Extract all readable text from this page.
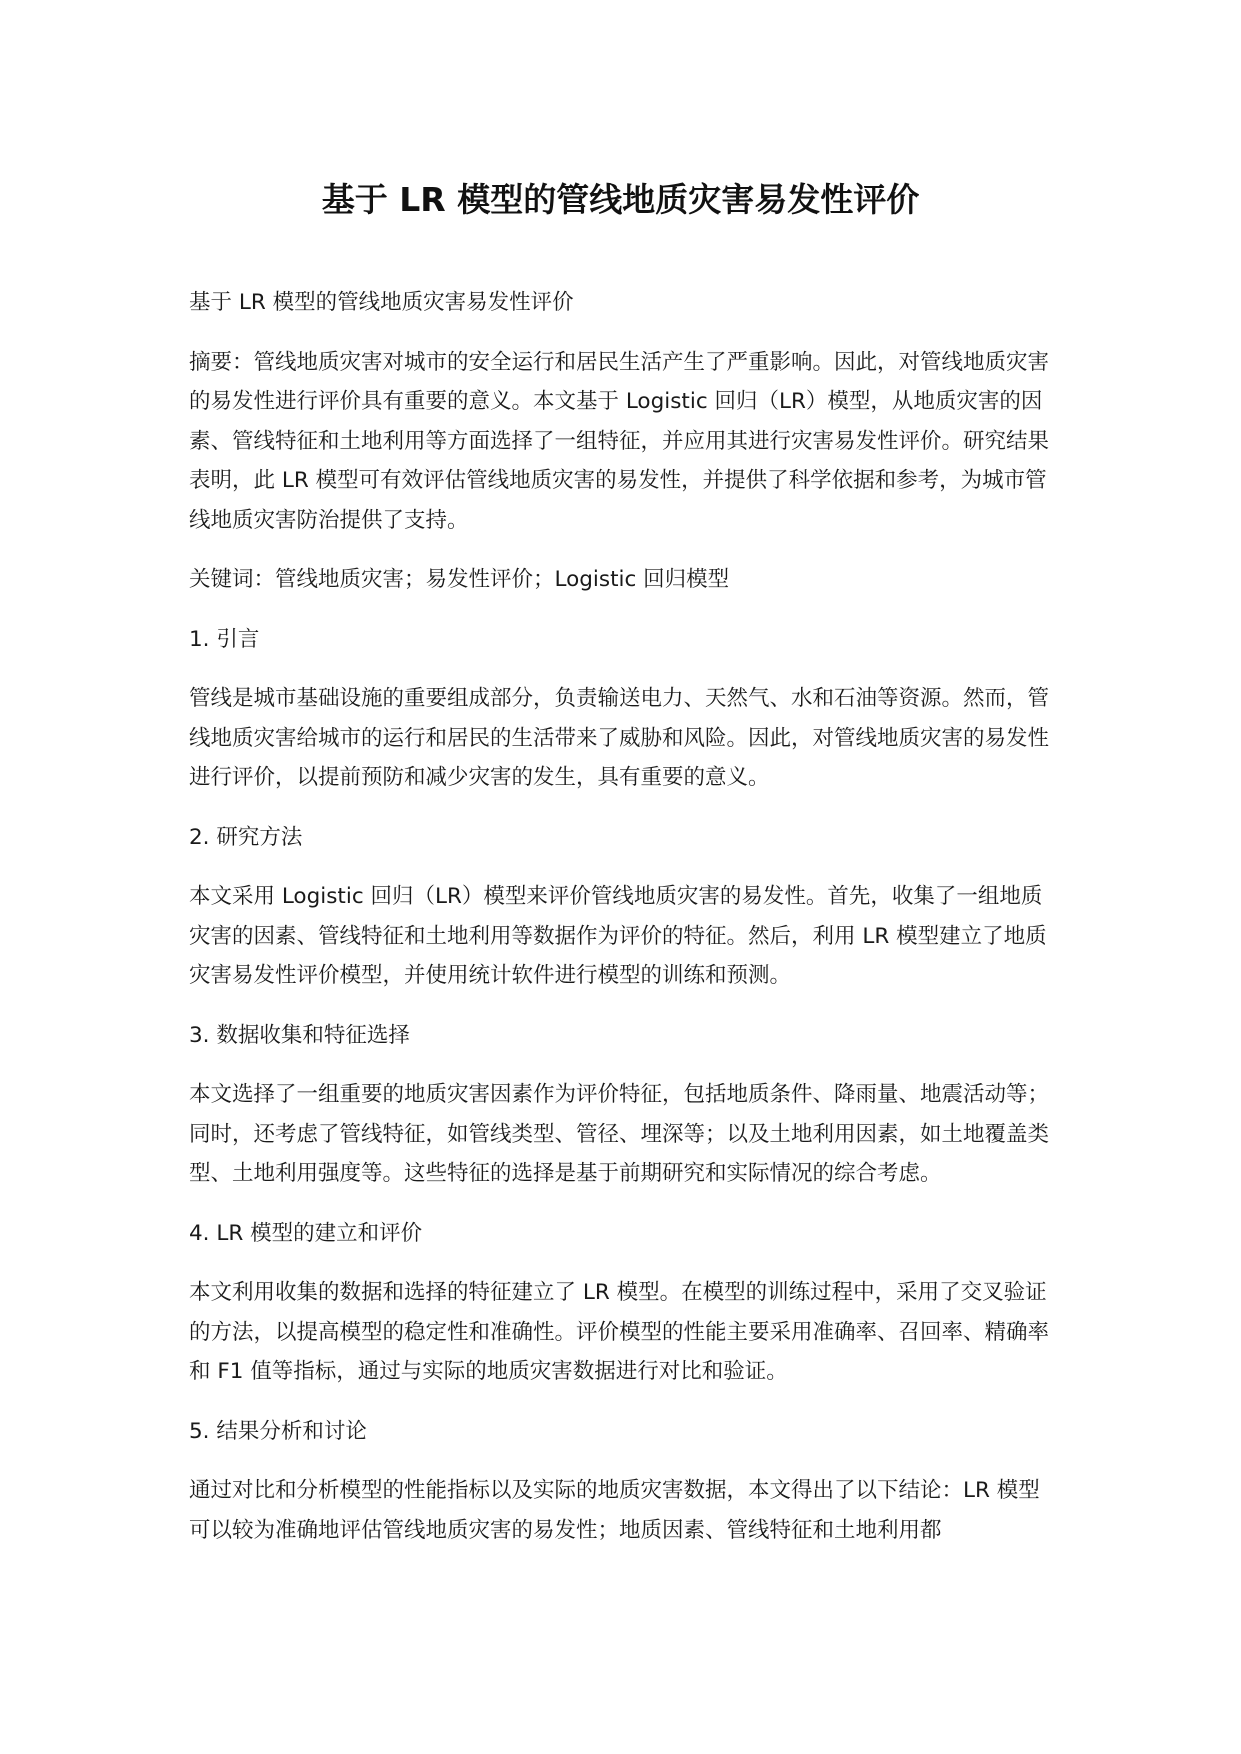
基于 LR 模型的管线地质灾害易发性评价

基于 LR 模型的管线地质灾害易发性评价

摘要：管线地质灾害对城市的安全运行和居民生活产生了严重影响。因此，对管线地质灾害的易发性进行评价具有重要的意义。本文基于 Logistic 回归（LR）模型，从地质灾害的因素、管线特征和土地利用等方面选择了一组特征，并应用其进行灾害易发性评价。研究结果表明，此 LR 模型可有效评估管线地质灾害的易发性，并提供了科学依据和参考，为城市管线地质灾害防治提供了支持。

关键词：管线地质灾害；易发性评价；Logistic 回归模型

1. 引言

管线是城市基础设施的重要组成部分，负责输送电力、天然气、水和石油等资源。然而，管线地质灾害给城市的运行和居民的生活带来了威胁和风险。因此，对管线地质灾害的易发性进行评价，以提前预防和减少灾害的发生，具有重要的意义。

2. 研究方法

本文采用 Logistic 回归（LR）模型来评价管线地质灾害的易发性。首先，收集了一组地质灾害的因素、管线特征和土地利用等数据作为评价的特征。然后，利用 LR 模型建立了地质灾害易发性评价模型，并使用统计软件进行模型的训练和预测。

3. 数据收集和特征选择

本文选择了一组重要的地质灾害因素作为评价特征，包括地质条件、降雨量、地震活动等；同时，还考虑了管线特征，如管线类型、管径、埋深等；以及土地利用因素，如土地覆盖类型、土地利用强度等。这些特征的选择是基于前期研究和实际情况的综合考虑。

4. LR 模型的建立和评价

本文利用收集的数据和选择的特征建立了 LR 模型。在模型的训练过程中，采用了交叉验证的方法，以提高模型的稳定性和准确性。评价模型的性能主要采用准确率、召回率、精确率和 F1 值等指标，通过与实际的地质灾害数据进行对比和验证。

5. 结果分析和讨论

通过对比和分析模型的性能指标以及实际的地质灾害数据，本文得出了以下结论：LR 模型可以较为准确地评估管线地质灾害的易发性；地质因素、管线特征和土地利用都
